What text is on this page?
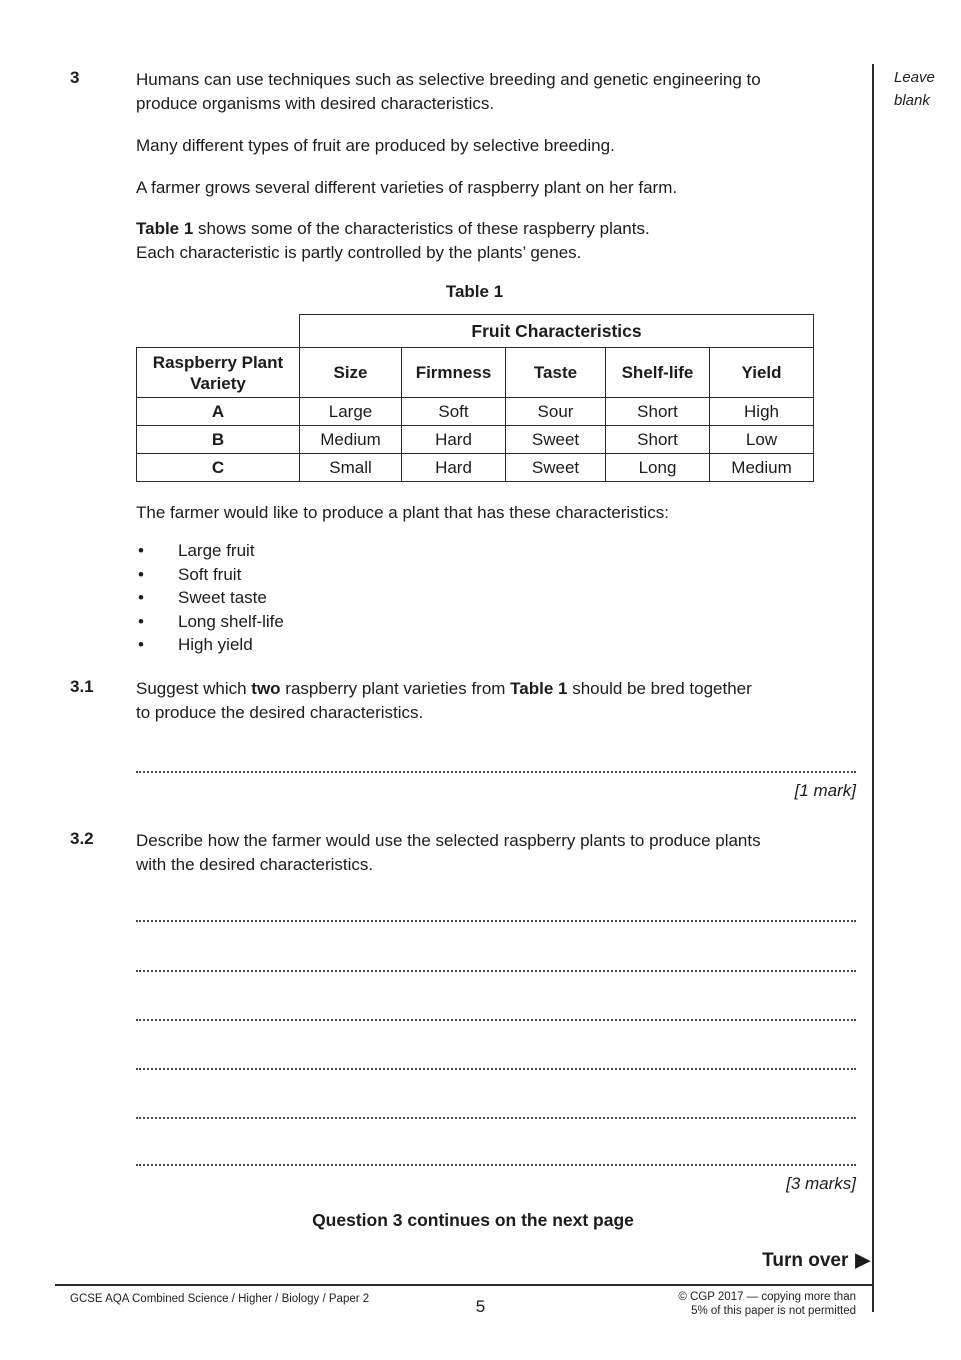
Leave
blank
3	Humans can use techniques such as selective breeding and genetic engineering to
produce organisms with desired characteristics.

Many different types of fruit are produced by selective breeding.

A farmer grows several different varieties of raspberry plant on her farm.

Table 1 shows some of the characteristics of these raspberry plants.
Each characteristic is partly controlled by the plants’ genes.

Table 1
	Fruit Characteristics				
Raspberry Plant Variety	Size	Firmness	Taste	Shelf-life	Yield
A	Large	Soft	Sour	Short	High
B	Medium	Hard	Sweet	Short	Low
C	Small	Hard	Sweet	Long	Medium
The farmer would like to produce a plant that has these characteristics:
• Large fruit
• Soft fruit
• Sweet taste
• Long shelf-life
• High yield
3.1 Suggest which two raspberry plant varieties from Table 1 should be bred together
to produce the desired characteristics.
[1 mark]
3.2 Describe how the farmer would use the selected raspberry plants to produce plants
with the desired characteristics.
[3 marks]
Question 3 continues on the next page
Turn over ▶
GCSE AQA Combined Science / Higher / Biology / Paper 2	5	© CGP 2017 — copying more than
5% of this paper is not permitted
